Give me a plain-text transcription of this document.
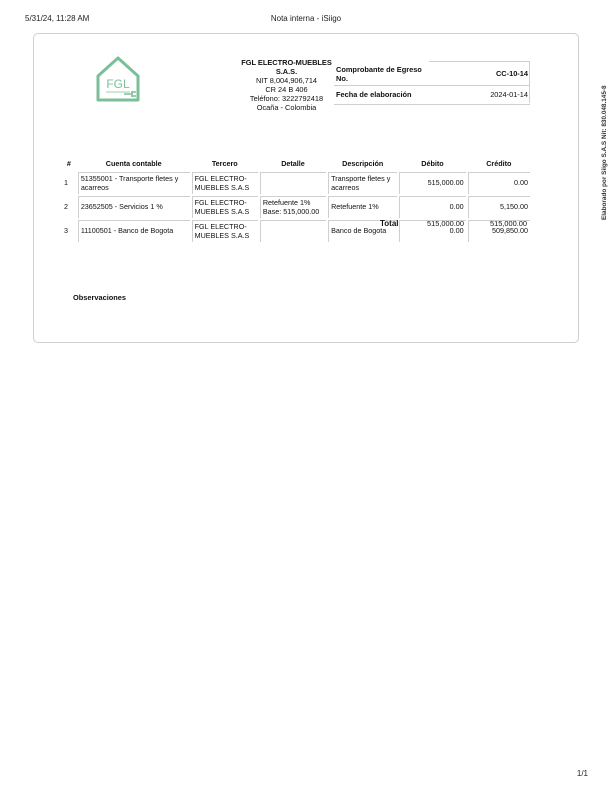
5/31/24, 11:28 AM	Nota interna - iSiigo
FGL
FGL ELECTRO-MUEBLES S.A.S.
NIT 8,004,906,714
CR 24 B 406
Teléfono: 3222792418
Ocaña - Colombia
Comprobante de Egreso No.
CC-10-14
Fecha de elaboración	2024-01-14	Elaborado por Siigo S.A.S Nit: 830.048.145-8
#	Cuenta contable	Tercero	Detalle	Descripción	Débito	Crédito
1	51355001 - Transporte fletes y acarreos	FGL ELECTRO-MUEBLES S.A.S		Transporte fletes y acarreos	515,000.00	0.00
2	23652505 - Servicios 1 %	FGL ELECTRO-MUEBLES S.A.S	Retefuente 1% Base: 515,000.00	Retefuente 1%	0.00	5,150.00
3	11100501 - Banco de Bogota	FGL ELECTRO-MUEBLES S.A.S		Banco de Bogota	0.00	509,850.00
Observaciones
Total	515,000.00	515,000.00
1/1
